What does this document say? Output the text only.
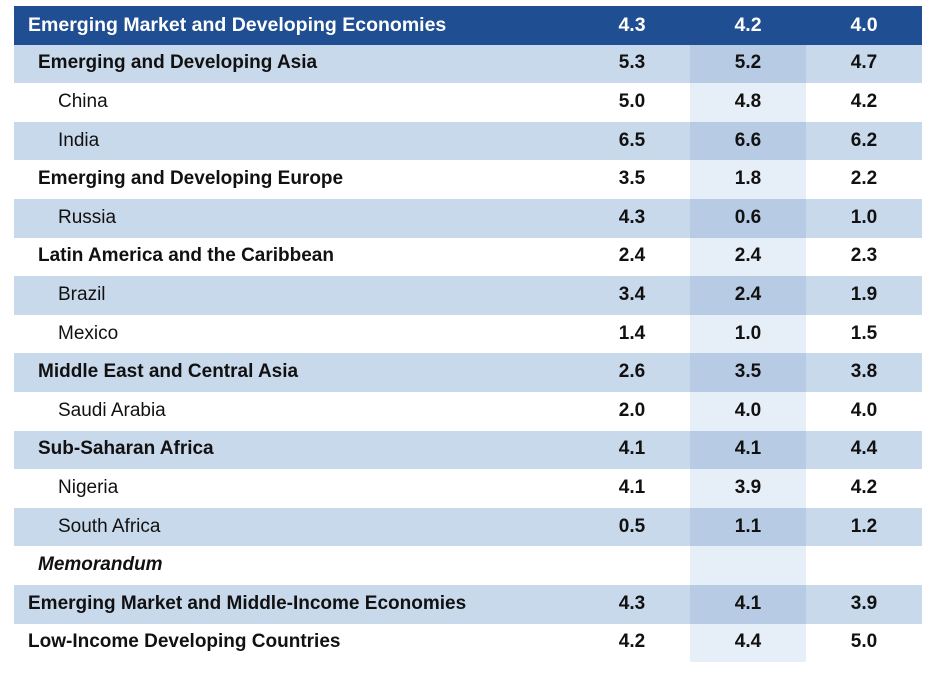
Emerging Market and Developing Economies	4.3	4.2	4.0
Emerging and Developing Asia	5.3	5.2	4.7
China	5.0	4.8	4.2
India	6.5	6.6	6.2
Emerging and Developing Europe	3.5	1.8	2.2
Russia	4.3	0.6	1.0
Latin America and the Caribbean	2.4	2.4	2.3
Brazil	3.4	2.4	1.9
Mexico	1.4	1.0	1.5
Middle East and Central Asia	2.6	3.5	3.8
Saudi Arabia	2.0	4.0	4.0
Sub-Saharan Africa	4.1	4.1	4.4
Nigeria	4.1	3.9	4.2
South Africa	0.5	1.1	1.2
Memorandum			
Emerging Market and Middle-Income Economies	4.3	4.1	3.9
Low-Income Developing Countries	4.2	4.4	5.0
